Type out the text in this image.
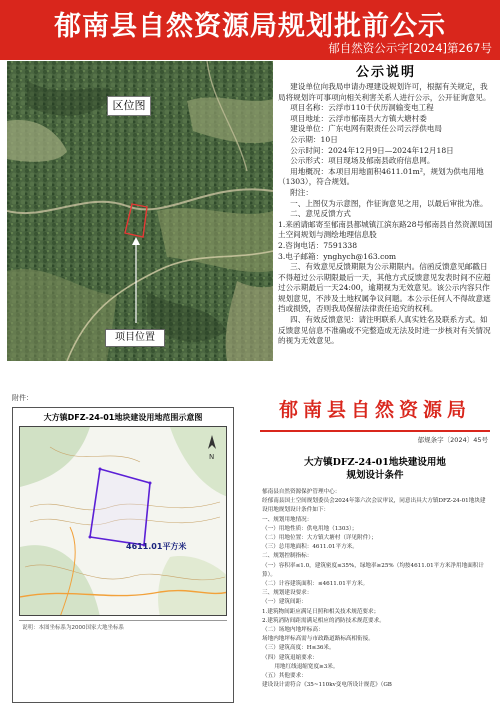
郁南县自然资源局规划批前公示
郁自然资公示字[2024]第267号
区位图
项目位置
公示说明

建设单位向我局申请办理建设规划许可，根据有关规定，我局将规划许可事项向相关利害关系人进行公示，公开征询意见。

项目名称：云浮市110千伏历洞输变电工程

项目地址：云浮市郁南县大方镇大塘村委

建设单位：广东电网有限责任公司云浮供电局

公示期：10日

公示时间：2024年12月9日—2024年12月18日

公示形式：项目现场及郁南县政府信息网。

用地概况：本项目用地面积4611.01m²，规划为供电用地（1303），符合规划。

附注：

一、上图仅为示意图，作征询意见之用，以最后审批为准。

二、意见反馈方式

1.来函请邮寄至郁南县都城镇江滨东路28号郁南县自然资源局国土空间规划与测绘地理信息股

2.咨询电话：7591338

3.电子邮箱：ynghych@163.com

三、有效意见反馈期限为公示期限内。信函反馈意见邮戳日不得超过公示期限最后一天，其他方式反馈意见发表时间不应超过公示期最后一天24:00，逾期视为无效意见。该公示内容只作规划意见，不涉及土地权属争议问题。本公示任何人不得故意遮挡或损毁，否则我局保留法律责任追究的权利。

四、有效反馈意见：请注明联系人真实姓名及联系方式。如反馈意见信息不准确或不完整造成无法及时进一步核对有关情况的视为无效意见。

附件：
大方镇DFZ-24-01地块建设用地范围示意图
N
4611.01平方米
说明：本图坐标系为2000国家大地坐标系
郁南县自然资源局
郁规条字〔2024〕45号
大方镇DFZ-24-01地块建设用地
规划设计条件

郁南县自然资源保护管理中心：

经郁南县国土空间规划委员会2024年第六次会议审议，同意出具大方镇DFZ-24-01地块建设用地规划设计条件如下：

一、规划用地情况：

（一）用地性质：供电用地（1303）；

（二）用地位置：大方镇大塘村（详见附件）；

（三）总用地面积：4611.01平方米。

二、规划控制指标：

（一）容积率≤1.0，建筑密度≤35%，绿地率≥25%（均按4611.01平方米净用地面积计算）。

（二）计容建筑面积：≤4611.01平方米。

三、规划建设要求：

（一）建筑间距：

1.建筑物间距应满足日照和相关技术规范要求；

2.建筑消防间距需满足相应的消防技术规范要求。

（二）场地内地坪标高：

场地内地坪标高需与市政路道路标高相衔接。

（三）建筑高度：H≤36米。

（四）建筑退缩要求：

用地红线退缩宽度≥3米。

（五）其他要求：

建设设计需符合《35~110kv变电所设计规范》（GB
